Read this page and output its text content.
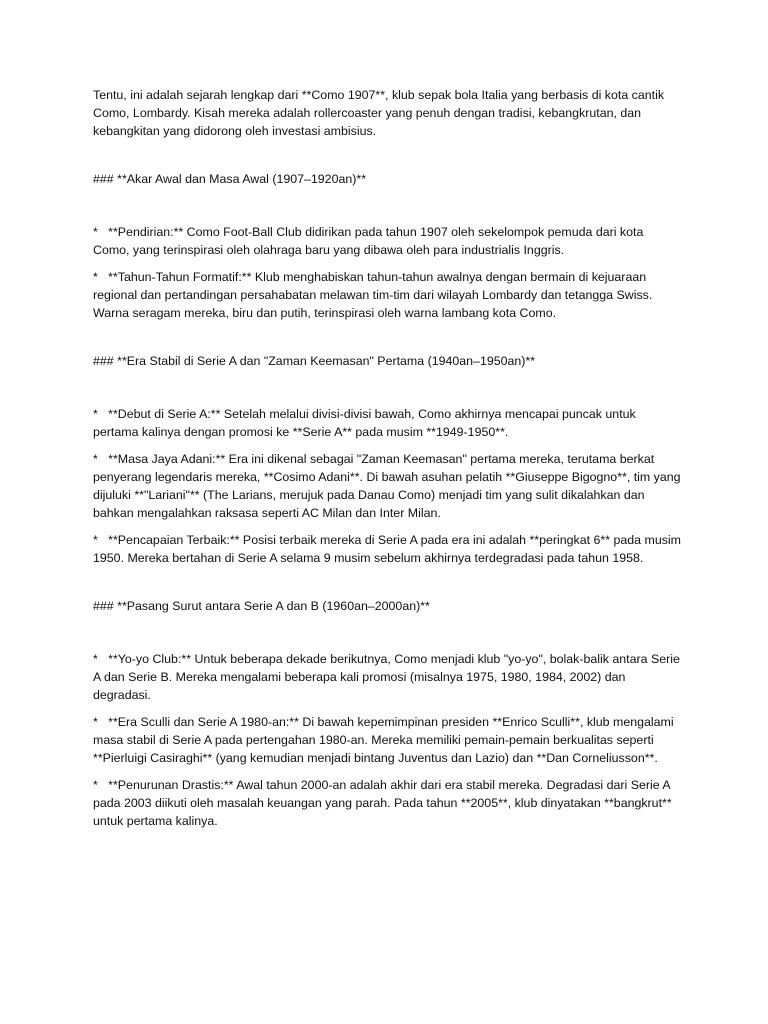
Tentu, ini adalah sejarah lengkap dari **Como 1907**, klub sepak bola Italia yang berbasis di kota cantik Como, Lombardy. Kisah mereka adalah rollercoaster yang penuh dengan tradisi, kebangkrutan, dan kebangkitan yang didorong oleh investasi ambisius.

### **Akar Awal dan Masa Awal (1907–1920an)**

*   **Pendirian:** Como Foot-Ball Club didirikan pada tahun 1907 oleh sekelompok pemuda dari kota Como, yang terinspirasi oleh olahraga baru yang dibawa oleh para industrialis Inggris.

*   **Tahun-Tahun Formatif:** Klub menghabiskan tahun-tahun awalnya dengan bermain di kejuaraan regional dan pertandingan persahabatan melawan tim-tim dari wilayah Lombardy dan tetangga Swiss. Warna seragam mereka, biru dan putih, terinspirasi oleh warna lambang kota Como.

### **Era Stabil di Serie A dan "Zaman Keemasan" Pertama (1940an–1950an)**

*   **Debut di Serie A:** Setelah melalui divisi-divisi bawah, Como akhirnya mencapai puncak untuk pertama kalinya dengan promosi ke **Serie A** pada musim **1949-1950**.

*   **Masa Jaya Adani:** Era ini dikenal sebagai "Zaman Keemasan" pertama mereka, terutama berkat penyerang legendaris mereka, **Cosimo Adani**. Di bawah asuhan pelatih **Giuseppe Bigogno**, tim yang dijuluki **"Lariani"** (The Larians, merujuk pada Danau Como) menjadi tim yang sulit dikalahkan dan bahkan mengalahkan raksasa seperti AC Milan dan Inter Milan.

*   **Pencapaian Terbaik:** Posisi terbaik mereka di Serie A pada era ini adalah **peringkat 6** pada musim 1950. Mereka bertahan di Serie A selama 9 musim sebelum akhirnya terdegradasi pada tahun 1958.

### **Pasang Surut antara Serie A dan B (1960an–2000an)**

*   **Yo-yo Club:** Untuk beberapa dekade berikutnya, Como menjadi klub "yo-yo", bolak-balik antara Serie A dan Serie B. Mereka mengalami beberapa kali promosi (misalnya 1975, 1980, 1984, 2002) dan degradasi.

*   **Era Sculli dan Serie A 1980-an:** Di bawah kepemimpinan presiden **Enrico Sculli**, klub mengalami masa stabil di Serie A pada pertengahan 1980-an. Mereka memiliki pemain-pemain berkualitas seperti **Pierluigi Casiraghi** (yang kemudian menjadi bintang Juventus dan Lazio) dan **Dan Corneliusson**.

*   **Penurunan Drastis:** Awal tahun 2000-an adalah akhir dari era stabil mereka. Degradasi dari Serie A pada 2003 diikuti oleh masalah keuangan yang parah. Pada tahun **2005**, klub dinyatakan **bangkrut** untuk pertama kalinya.
